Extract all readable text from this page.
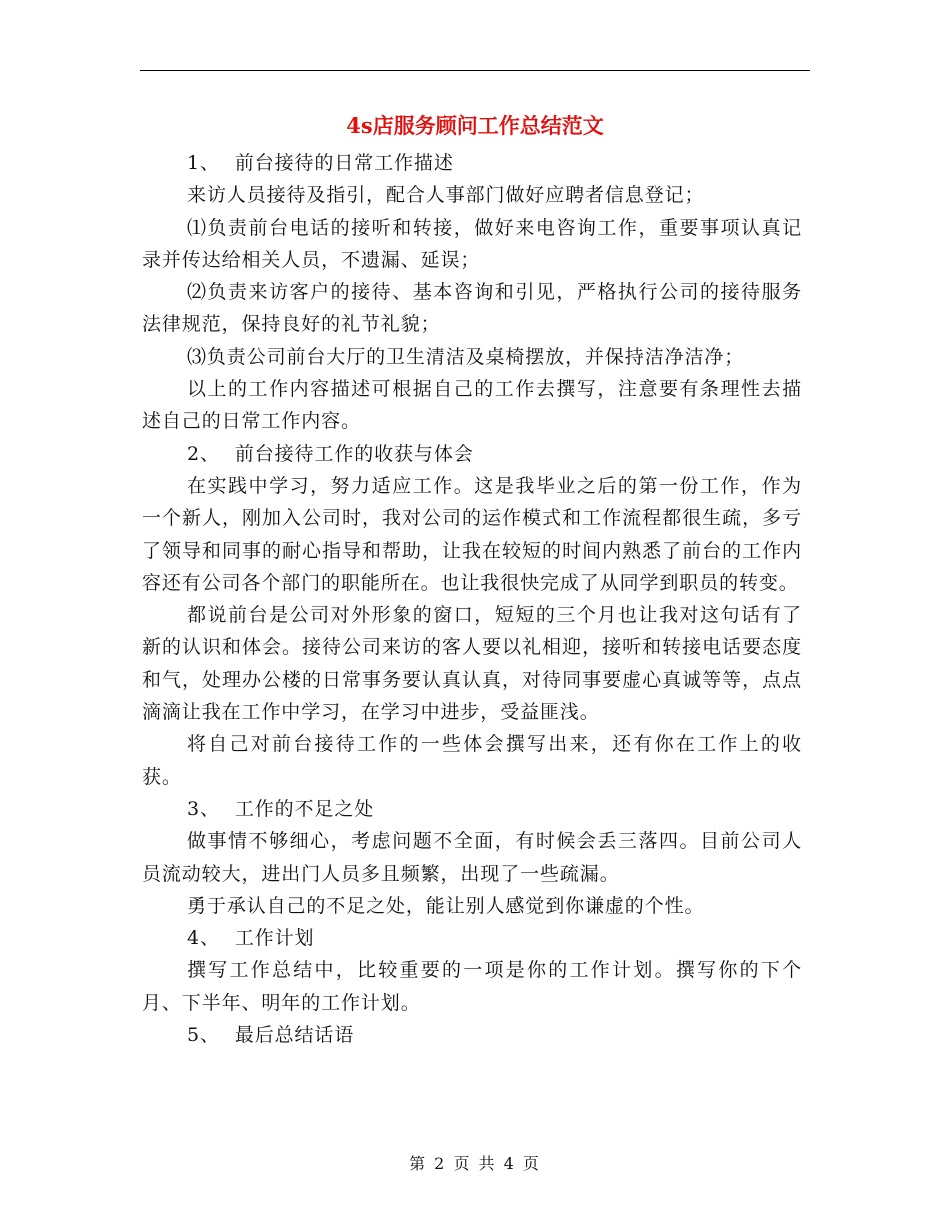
4s店服务顾问工作总结范文

1、 前台接待的日常工作描述

来访人员接待及指引，配合人事部门做好应聘者信息登记；

⑴负责前台电话的接听和转接，做好来电咨询工作，重要事项认真记录并传达给相关人员，不遗漏、延误；

⑵负责来访客户的接待、基本咨询和引见，严格执行公司的接待服务法律规范，保持良好的礼节礼貌；

⑶负责公司前台大厅的卫生清洁及桌椅摆放，并保持洁净洁净；

以上的工作内容描述可根据自己的工作去撰写，注意要有条理性去描述自己的日常工作内容。

2、 前台接待工作的收获与体会

在实践中学习，努力适应工作。这是我毕业之后的第一份工作，作为一个新人，刚加入公司时，我对公司的运作模式和工作流程都很生疏，多亏了领导和同事的耐心指导和帮助，让我在较短的时间内熟悉了前台的工作内容还有公司各个部门的职能所在。也让我很快完成了从同学到职员的转变。

都说前台是公司对外形象的窗口，短短的三个月也让我对这句话有了新的认识和体会。接待公司来访的客人要以礼相迎，接听和转接电话要态度和气，处理办公楼的日常事务要认真认真，对待同事要虚心真诚等等，点点滴滴让我在工作中学习，在学习中进步，受益匪浅。

将自己对前台接待工作的一些体会撰写出来，还有你在工作上的收获。

3、 工作的不足之处

做事情不够细心，考虑问题不全面，有时候会丢三落四。目前公司人员流动较大，进出门人员多且频繁，出现了一些疏漏。

勇于承认自己的不足之处，能让别人感觉到你谦虚的个性。

4、 工作计划

撰写工作总结中，比较重要的一项是你的工作计划。撰写你的下个月、下半年、明年的工作计划。

5、 最后总结话语

第 2 页 共 4 页
